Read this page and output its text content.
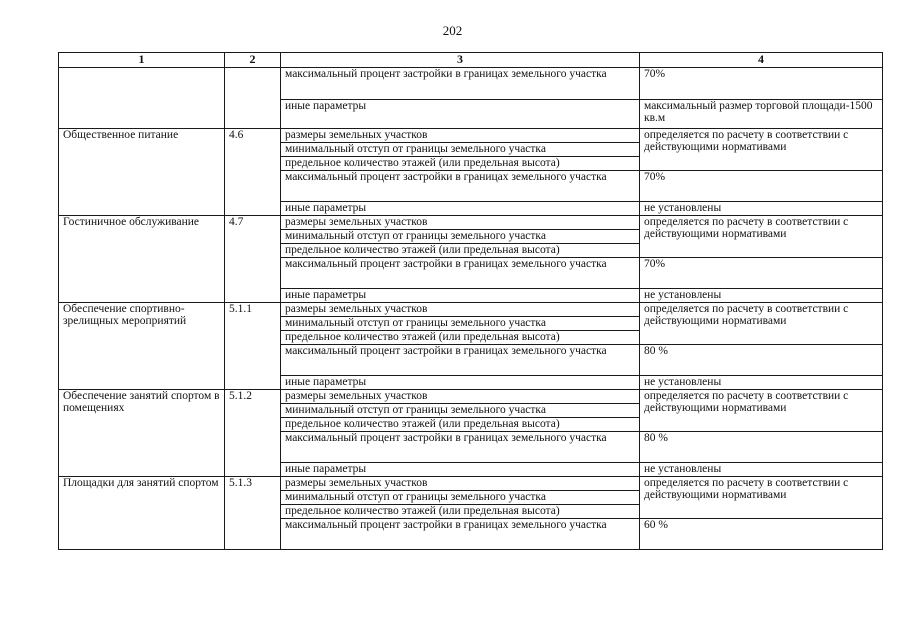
202
1	2	3	4
		максимальный процент застройки в границах земельного участка	70%
		иные параметры	максимальный размер торговой площади-1500 кв.м
Общественное питание	4.6	размеры земельных участков	определяется по расчету в соответствии с действующими нормативами
		минимальный отступ от границы земельного участка	
		предельное количество этажей (или предельная высота)	
		максимальный процент застройки в границах земельного участка	70%
		иные параметры	не установлены
Гостиничное обслуживание	4.7	размеры земельных участков	определяется по расчету в соответствии с действующими нормативами
		минимальный отступ от границы земельного участка	
		предельное количество этажей (или предельная высота)	
		максимальный процент застройки в границах земельного участка	70%
		иные параметры	не установлены
Обеспечение спортивно-зрелищных мероприятий	5.1.1	размеры земельных участков	определяется по расчету в соответствии с действующими нормативами
		минимальный отступ от границы земельного участка	
		предельное количество этажей (или предельная высота)	
		максимальный процент застройки в границах земельного участка	80 %
		иные параметры	не установлены
Обеспечение занятий спортом в помещениях	5.1.2	размеры земельных участков	определяется по расчету в соответствии с действующими нормативами
		минимальный отступ от границы земельного участка	
		предельное количество этажей (или предельная высота)	
		максимальный процент застройки в границах земельного участка	80 %
		иные параметры	не установлены
Площадки для занятий спортом	5.1.3	размеры земельных участков	определяется по расчету в соответствии с действующими нормативами
		минимальный отступ от границы земельного участка	
		предельное количество этажей (или предельная высота)	
		максимальный процент застройки в границах земельного участка	60 %
